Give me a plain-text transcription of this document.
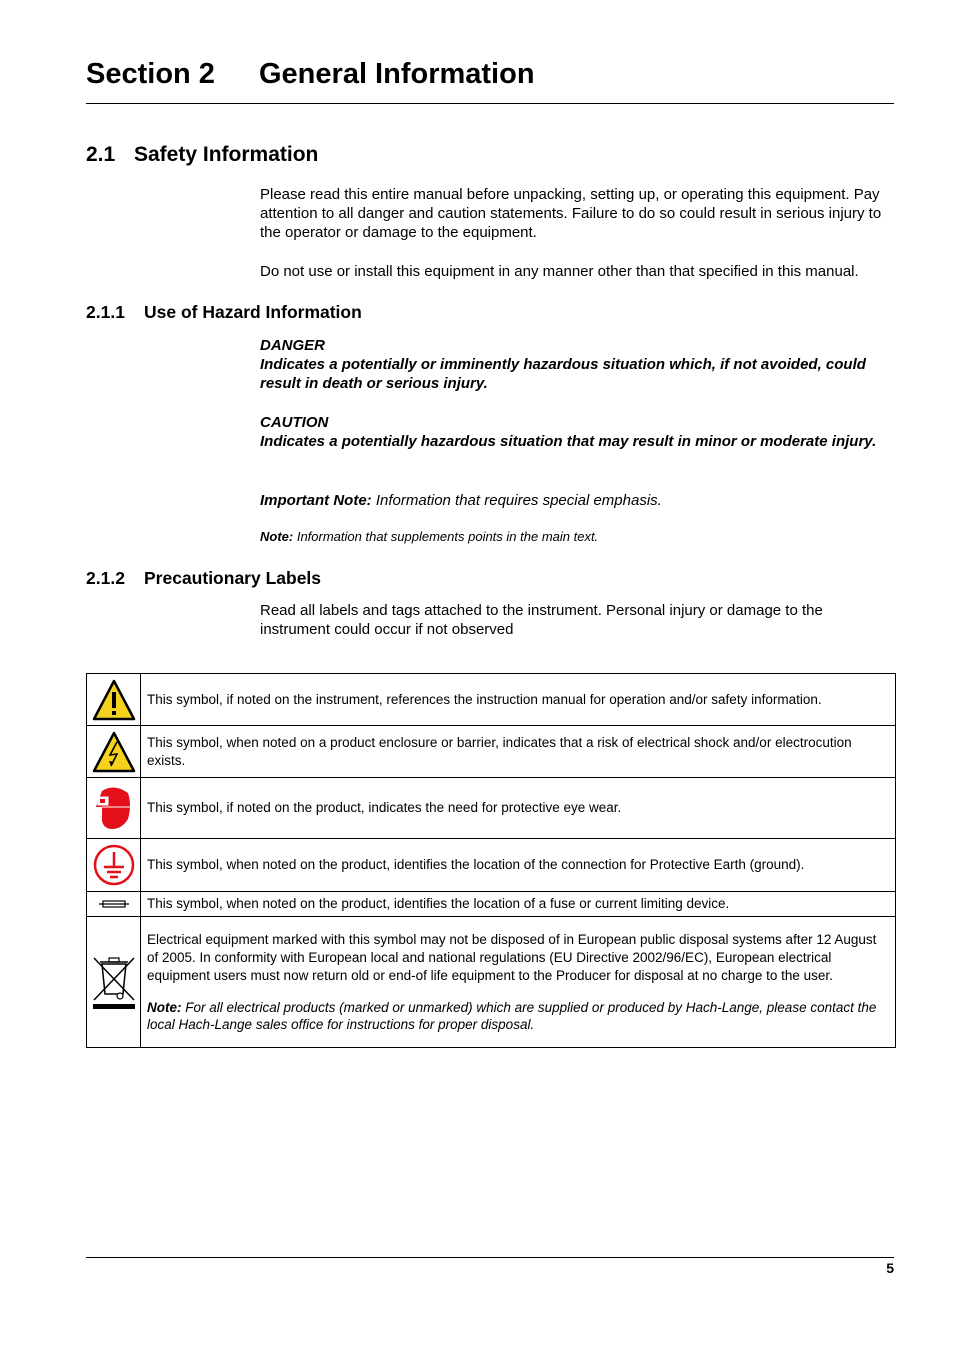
Section 2 General Information
2.1 Safety Information

Please read this entire manual before unpacking, setting up, or operating this equipment. Pay attention to all danger and caution statements. Failure to do so could result in serious injury to the operator or damage to the equipment.

Do not use or install this equipment in any manner other than that specified in this manual.

2.1.1 Use of Hazard Information
DANGER
Indicates a potentially or imminently hazardous situation which, if not avoided, could result in death or serious injury.
CAUTION
Indicates a potentially hazardous situation that may result in minor or moderate injury.
Important Note: Information that requires special emphasis.
Note: Information that supplements points in the main text.
2.1.2 Precautionary Labels

Read all labels and tags attached to the instrument. Personal injury or damage to the instrument could occur if not observed

	This symbol, if noted on the instrument, references the instruction manual for operation and/or safety information.

	This symbol, when noted on a product enclosure or barrier, indicates that a risk of electrical shock and/or electrocution exists.

	This symbol, if noted on the product, indicates the need for protective eye wear.

	This symbol, when noted on the product, identifies the location of the connection for Protective Earth (ground).

	This symbol, when noted on the product, identifies the location of a fuse or current limiting device.

	Electrical equipment marked with this symbol may not be disposed of in European public disposal systems after 12 August of 2005. In conformity with European local and national regulations (EU Directive 2002/96/EC), European electrical equipment users must now return old or end-of life equipment to the Producer for disposal at no charge to the user.
Note: For all electrical products (marked or unmarked) which are supplied or produced by Hach-Lange, please contact the local Hach-Lange sales office for instructions for proper disposal.
5
